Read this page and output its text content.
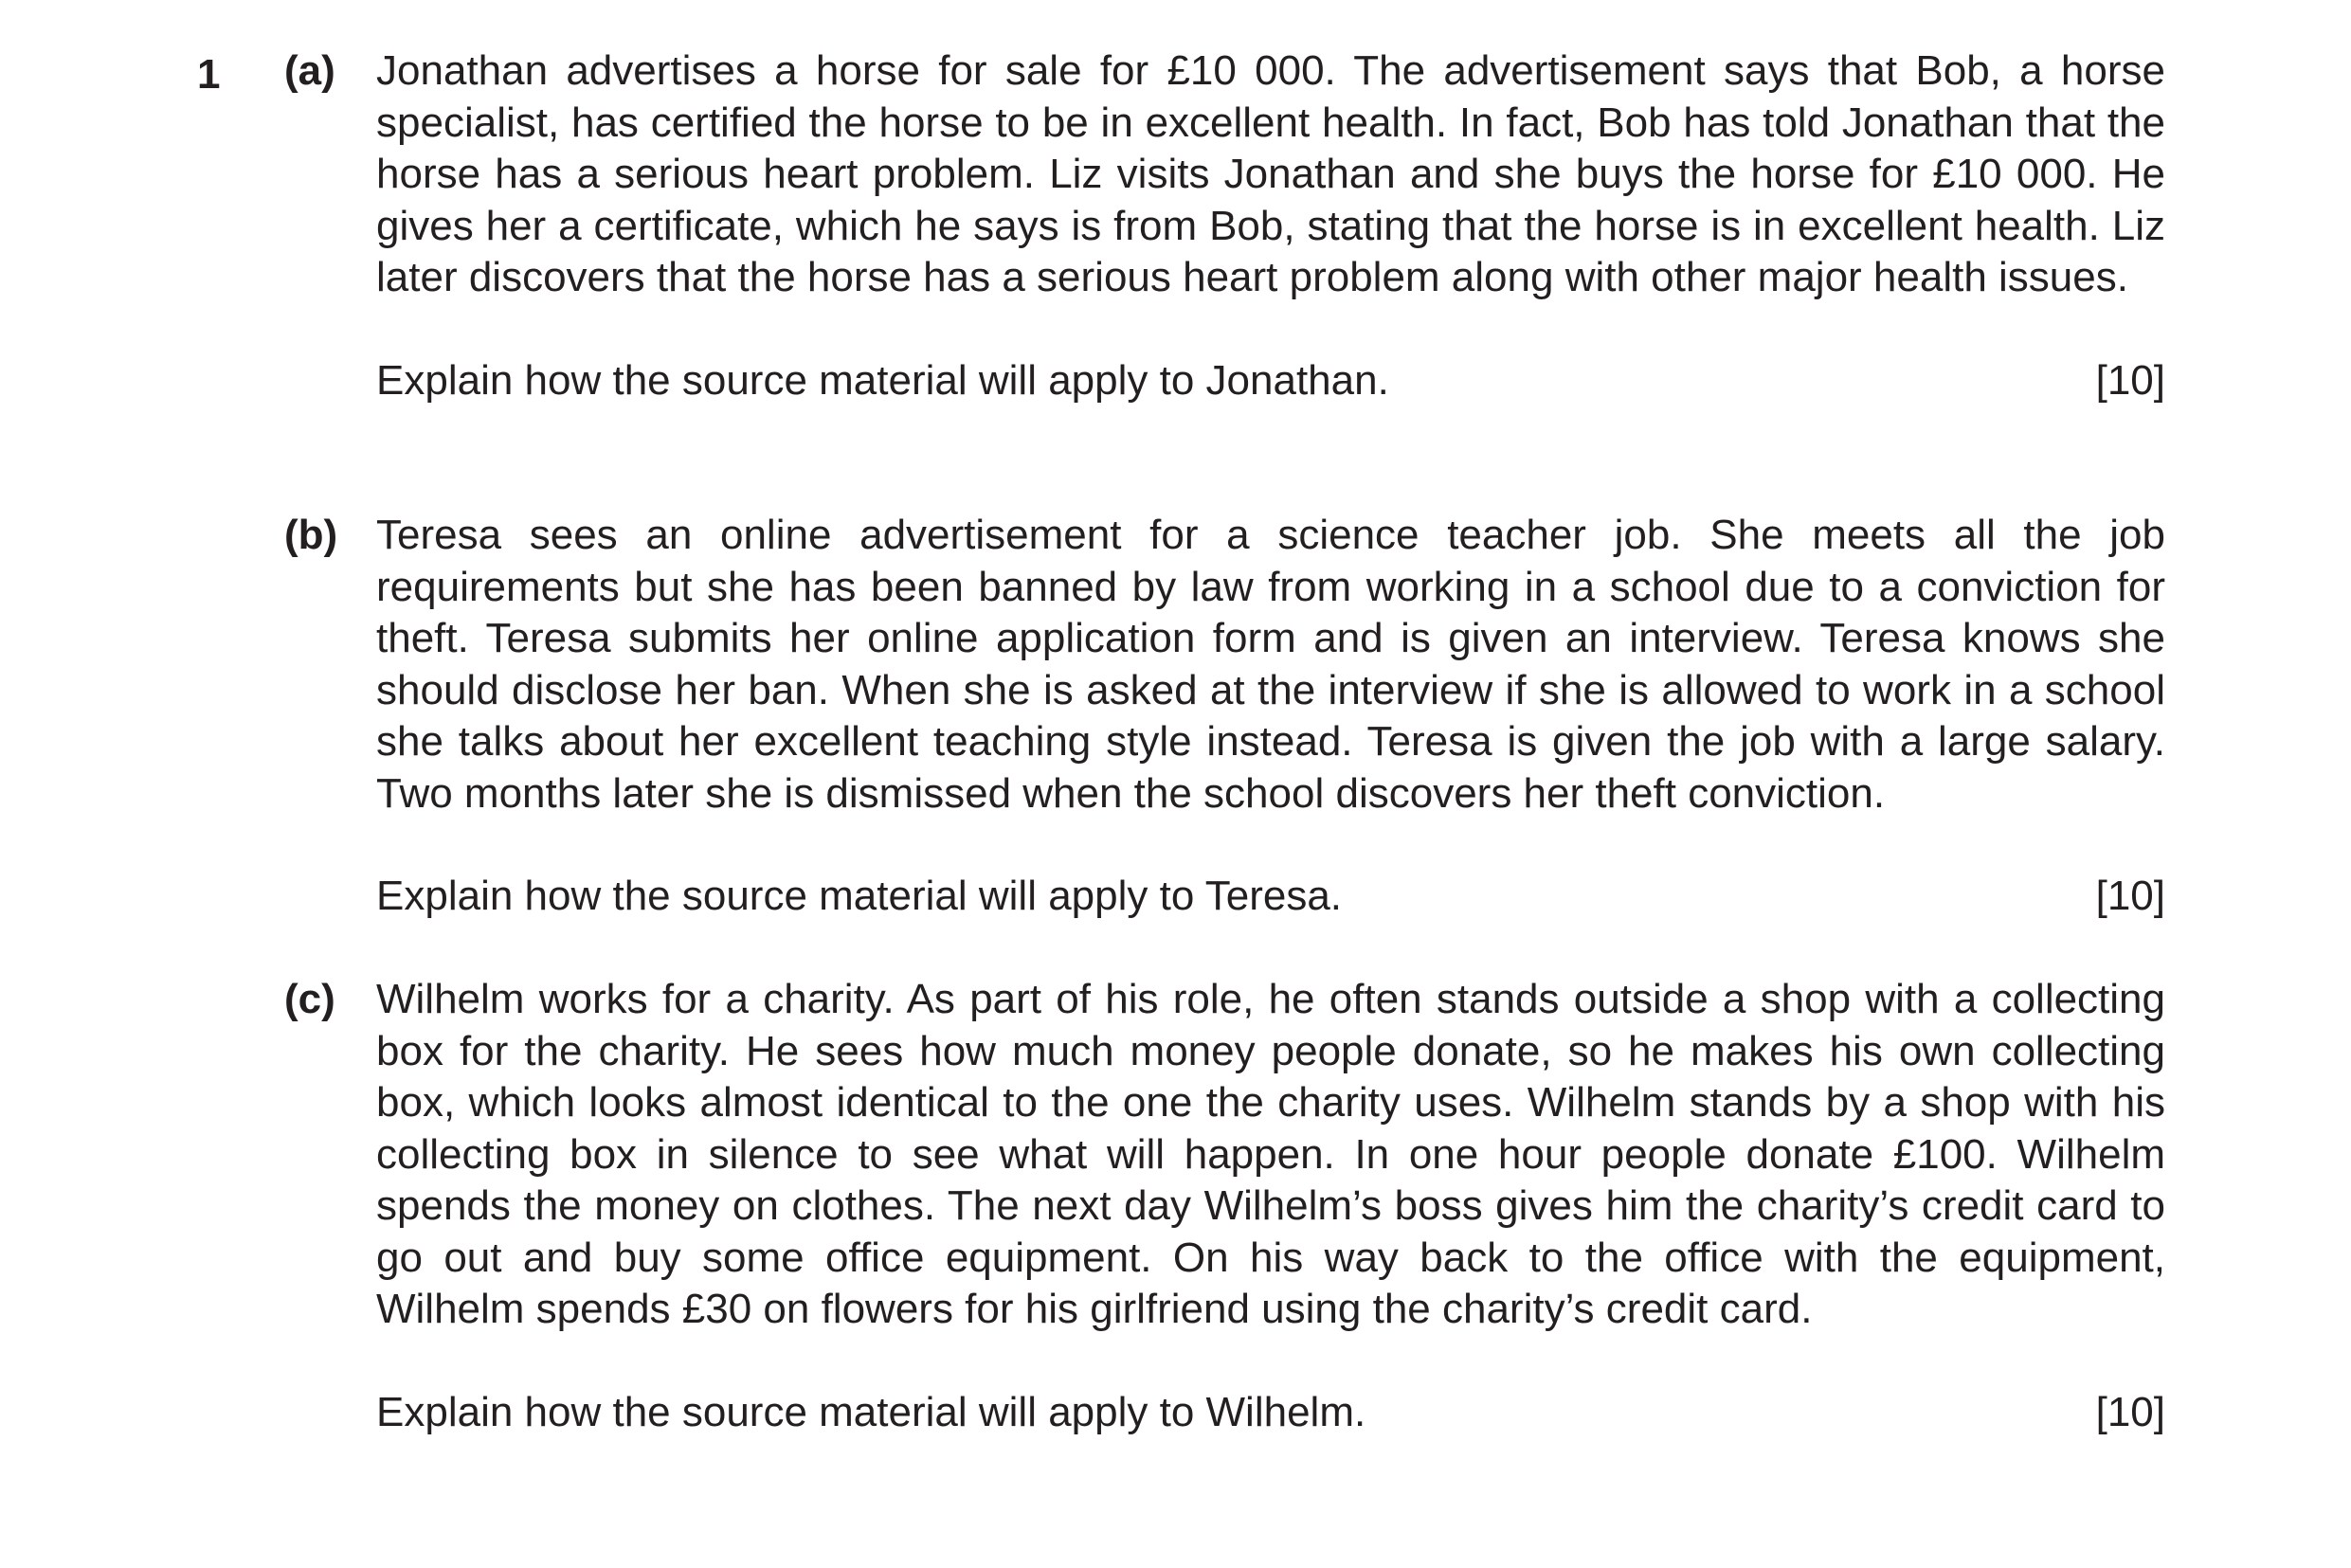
1 (a) Jonathan advertises a horse for sale for £10 000. The advertisement says that Bob, a horse specialist, has certified the horse to be in excellent health. In fact, Bob has told Jonathan that the horse has a serious heart problem. Liz visits Jonathan and she buys the horse for £10 000. He gives her a certificate, which he says is from Bob, stating that the horse is in excellent health. Liz later discovers that the horse has a serious heart problem along with other major health issues.

Explain how the source material will apply to Jonathan.	[10]
(b) Teresa sees an online advertisement for a science teacher job. She meets all the job requirements but she has been banned by law from working in a school due to a conviction for theft. Teresa submits her online application form and is given an interview. Teresa knows she should disclose her ban. When she is asked at the interview if she is allowed to work in a school she talks about her excellent teaching style instead. Teresa is given the job with a large salary. Two months later she is dismissed when the school discovers her theft conviction.

Explain how the source material will apply to Teresa.	[10]
(c) Wilhelm works for a charity. As part of his role, he often stands outside a shop with a collecting box for the charity. He sees how much money people donate, so he makes his own collecting box, which looks almost identical to the one the charity uses. Wilhelm stands by a shop with his collecting box in silence to see what will happen. In one hour people donate £100. Wilhelm spends the money on clothes. The next day Wilhelm’s boss gives him the charity’s credit card to go out and buy some office equipment. On his way back to the office with the equipment, Wilhelm spends £30 on flowers for his girlfriend using the charity’s credit card.

Explain how the source material will apply to Wilhelm.	[10]
